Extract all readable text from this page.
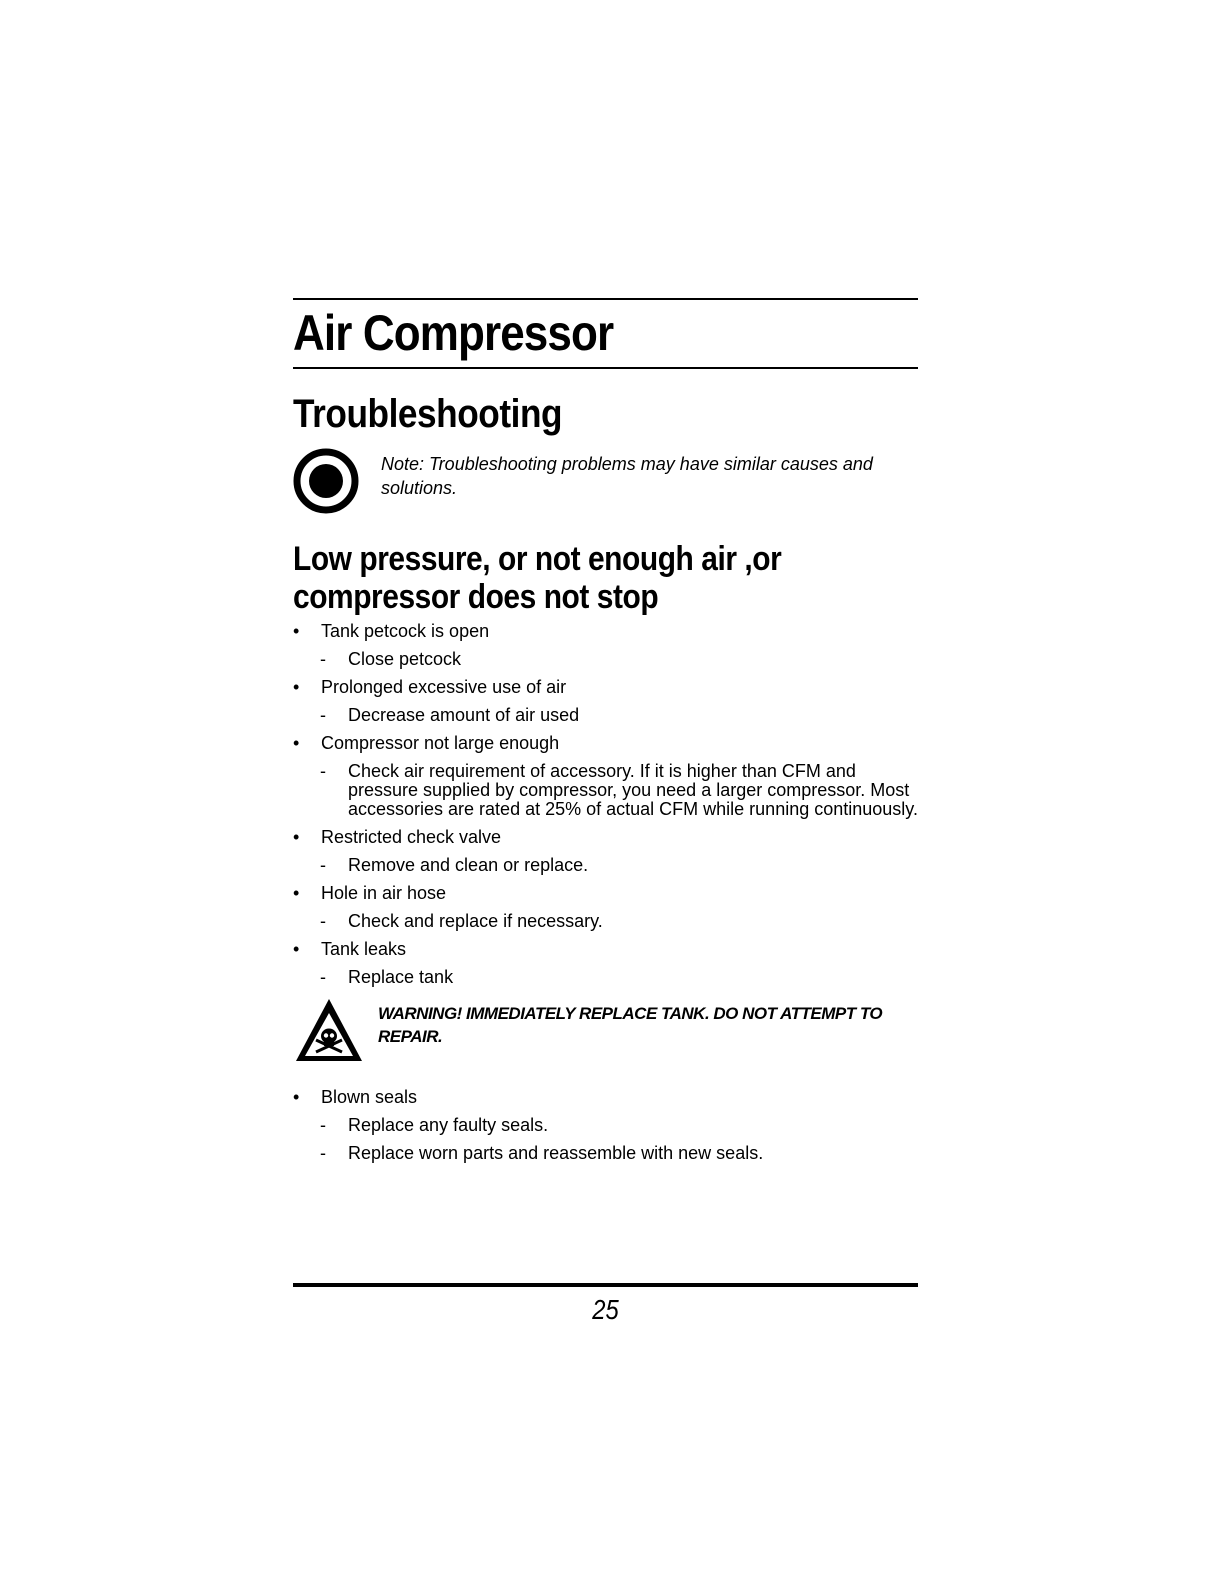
Air Compressor
Troubleshooting
Note: Troubleshooting problems may have similar causes and solutions.
Low pressure, or not enough air ,or compressor does not stop
•	Tank petcock is open
-	Close petcock
•	Prolonged excessive use of air
-	Decrease amount of air used
•	Compressor not large enough
-	Check air requirement of accessory. If it is higher than CFM and pressure supplied by compressor, you need a larger compressor. Most accessories are rated at 25% of actual CFM while running continuously.
•	Restricted check valve
-	Remove and clean or replace.
•	Hole in air hose
-	Check and replace if necessary.
•	Tank leaks
-	Replace tank
WARNING! IMMEDIATELY REPLACE TANK. DO NOT ATTEMPT TO REPAIR.
•	Blown seals
-	Replace any faulty seals.
-	Replace worn parts and reassemble with new seals.
25
